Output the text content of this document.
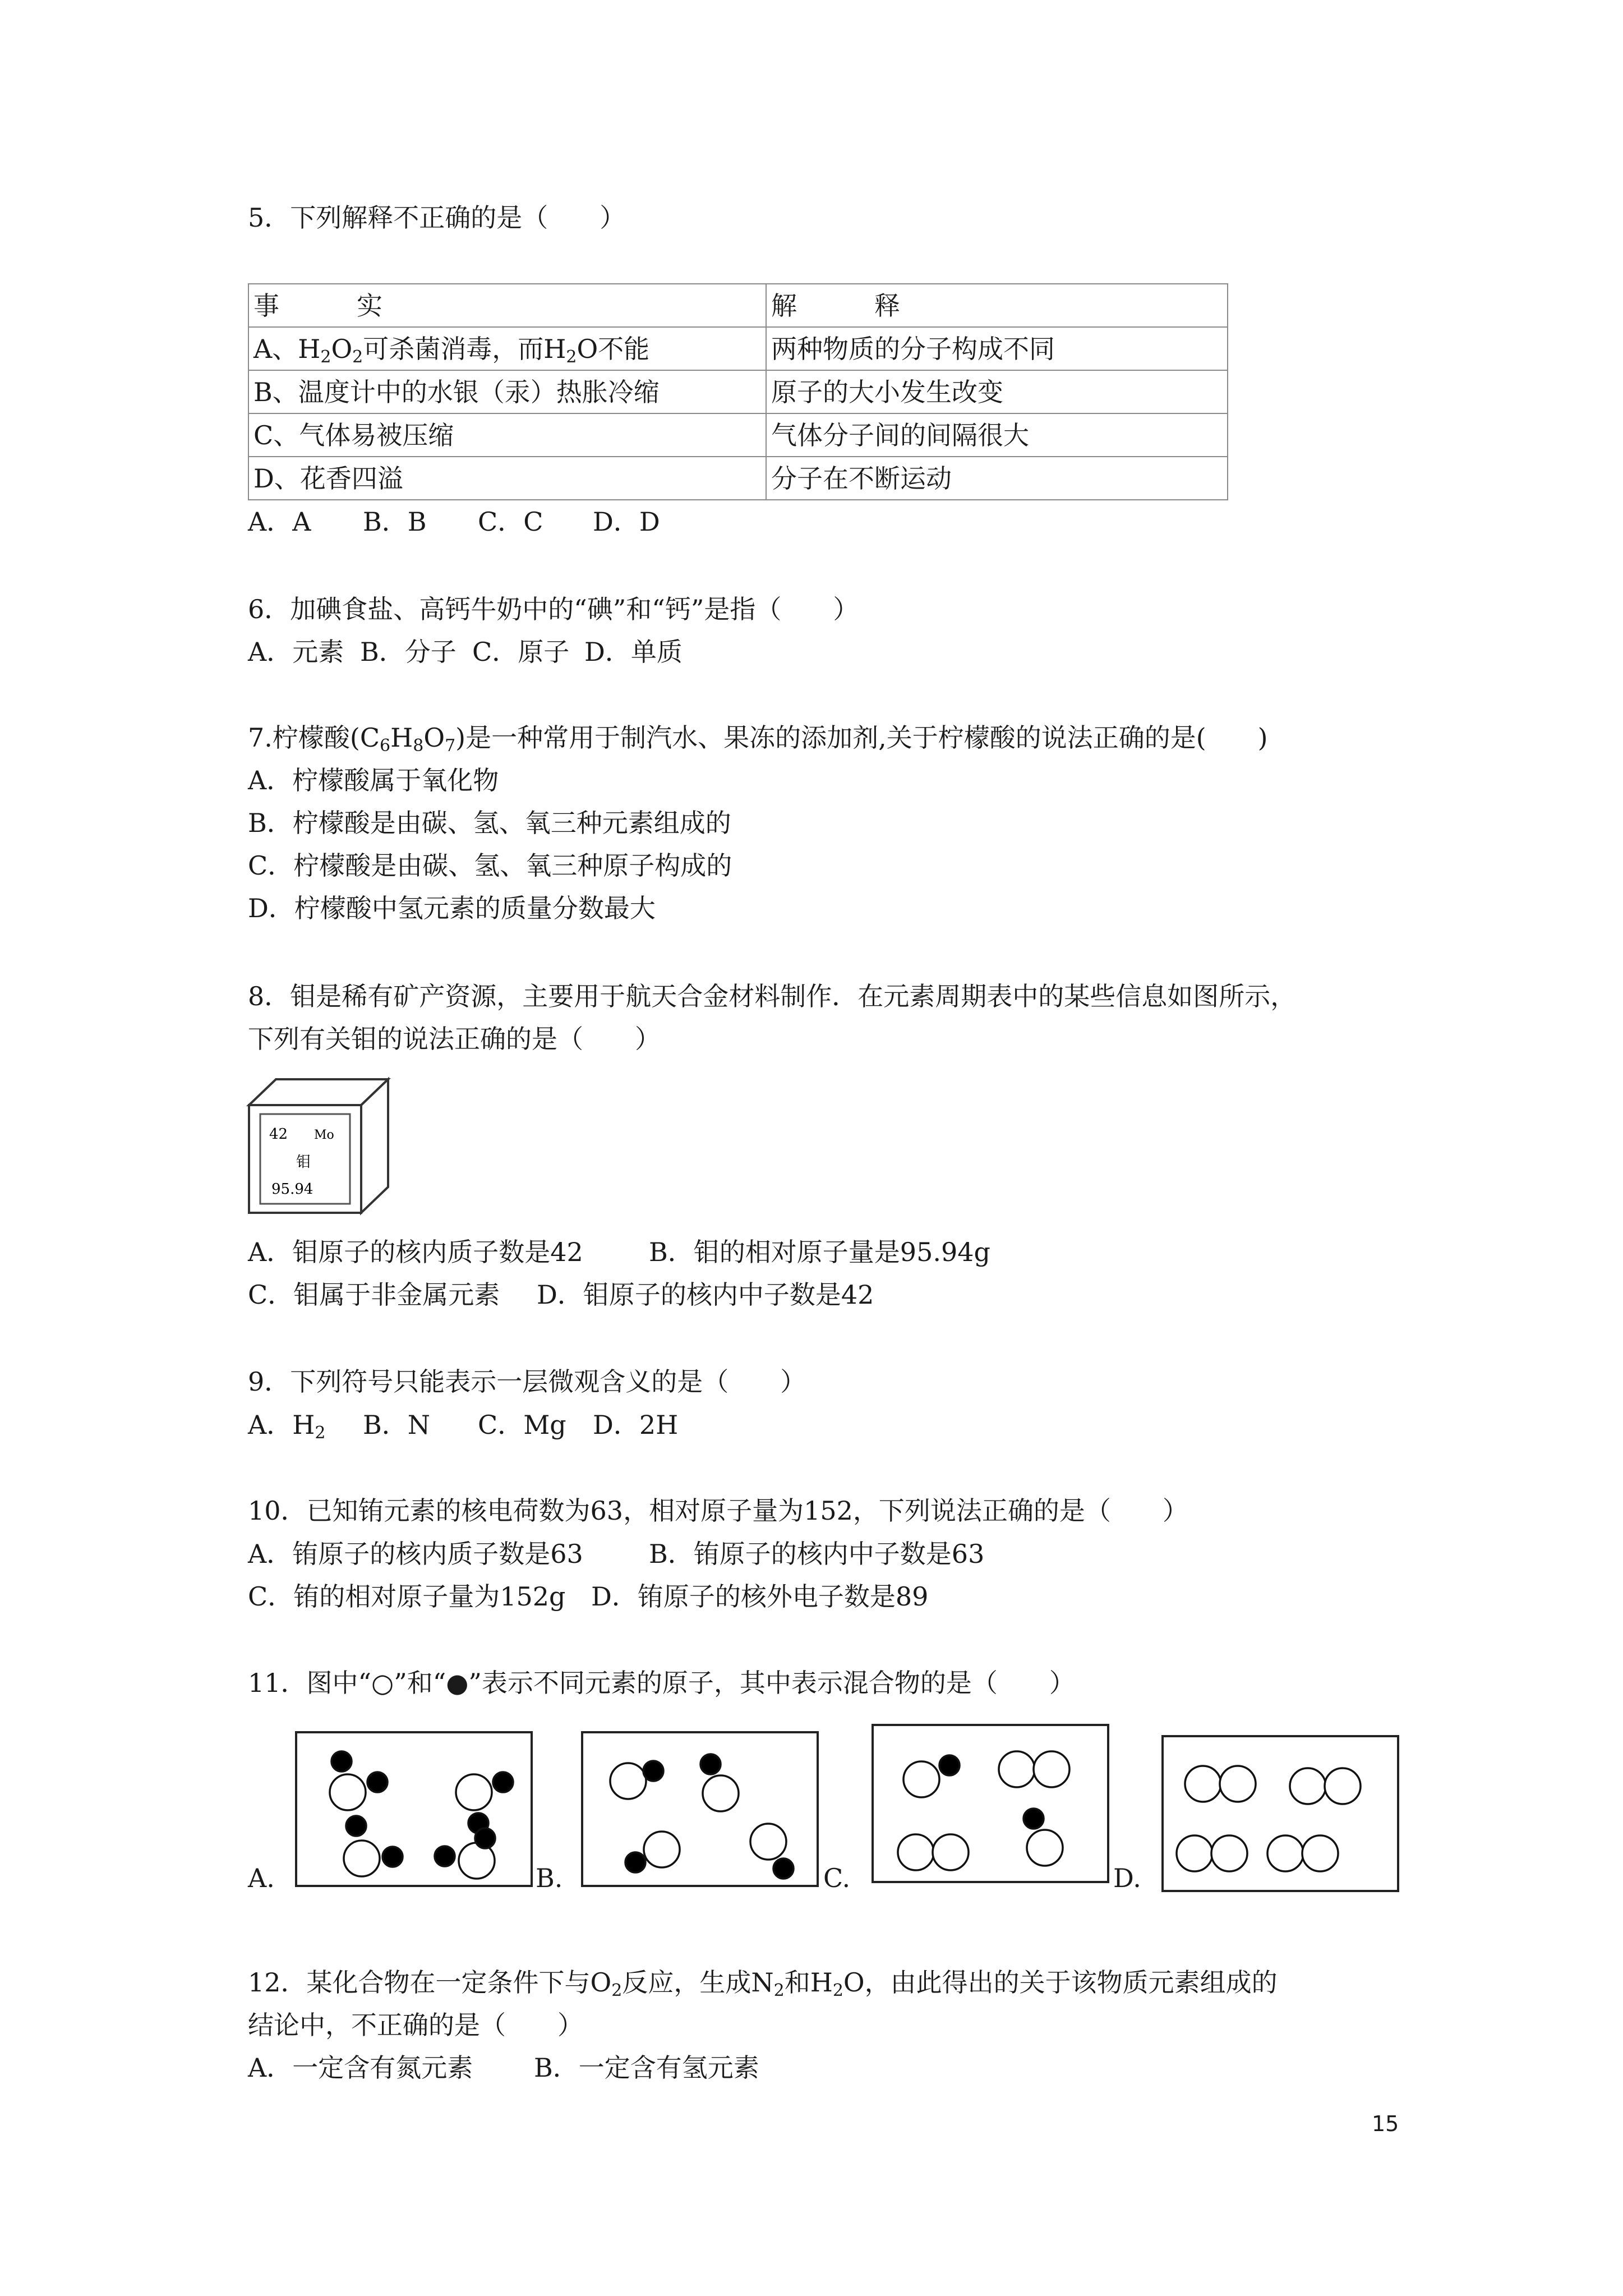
5．下列解释不正确的是（　　）
事　　　实	解　　　释
A、$H_2O_2$可杀菌消毒，而$H_2O$不能	两种物质的分子构成不同
B、温度计中的水银（汞）热胀冷缩	原子的大小发生改变
C、气体易被压缩	气体分子间的间隔很大
D、花香四溢	分子在不断运动
A．A B．B C．C D．D
6．加碘食盐、高钙牛奶中的“碘”和“钙”是指（　　）
A．元素 B．分子 C．原子 D．单质
7.柠檬酸$(C_6H_8O_7)$是一种常用于制汽水、果冻的添加剂,关于柠檬酸的说法正确的是(　　)
A．柠檬酸属于氧化物
B．柠檬酸是由碳、氢、氧三种元素组成的
C．柠檬酸是由碳、氢、氧三种原子构成的
D．柠檬酸中氢元素的质量分数最大
8．钼是稀有矿产资源，主要用于航天合金材料制作．在元素周期表中的某些信息如图所示，
下列有关钼的说法正确的是（　　）
42 Mo
钼
95.94
A．钼原子的核内质子数是42	B．钼的相对原子量是95.94g
C．钼属于非金属元素 D．钼原子的核内中子数是42
9．下列符号只能表示一层微观含义的是（　　）
A．$H_2$ B．N C．Mg D．2H
10．已知铕元素的核电荷数为63，相对原子量为152，下列说法正确的是（　　）
A．铕原子的核内质子数是63	B．铕原子的核内中子数是63
C．铕的相对原子量为152g D．铕原子的核外电子数是89
11．图中“○”和“●”表示不同元素的原子，其中表示混合物的是（　　）
A.	B.	C.	D.
12．某化合物在一定条件下与$O_2$反应，生成$N_2$和$H_2O$，由此得出的关于该物质元素组成的
结论中，不正确的是（　　）
A．一定含有氮元素 B．一定含有氢元素
15
